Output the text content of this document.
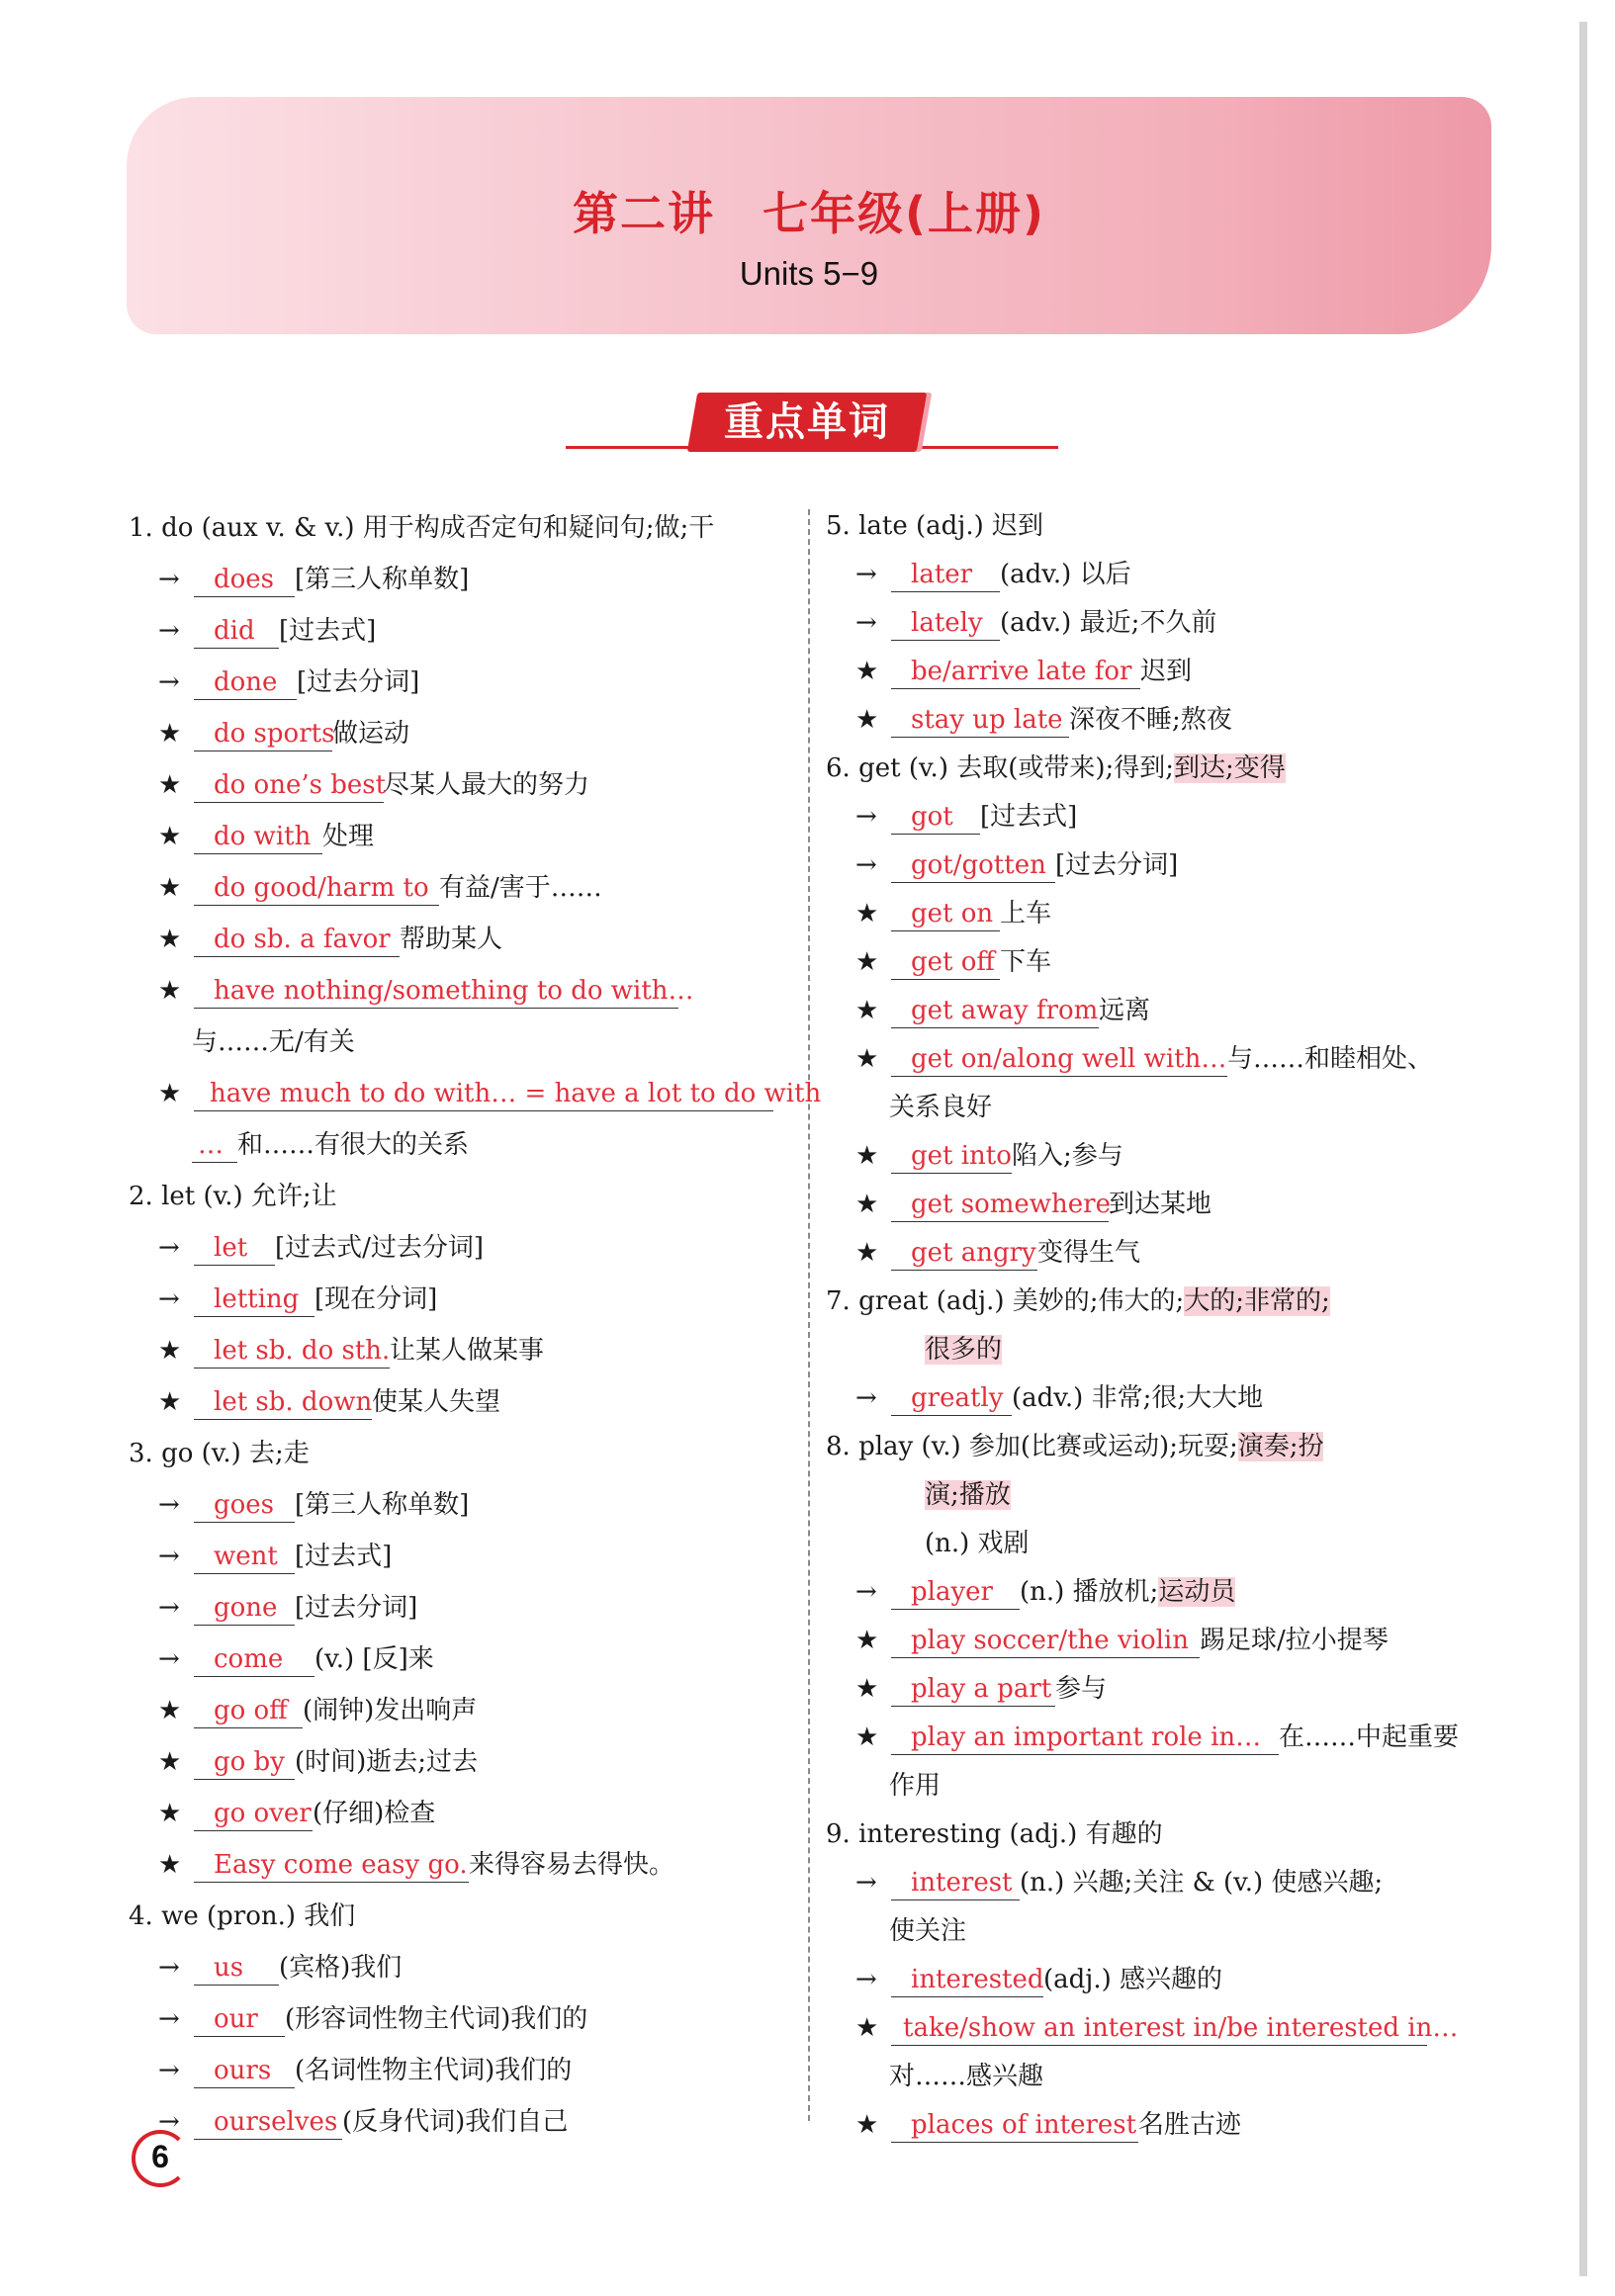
第二讲　七年级(上册)
Units 5−9
重点单词
1. do (aux v. & v.) 用于构成否定句和疑问句;做;干
→ does [第三人称单数]
→ did [过去式]
→ done [过去分词]
★ do sports做运动
★ do one’s best尽某人最大的努力
★ do with 处理
★ do good/harm to 有益/害于……
★ do sb. a favor 帮助某人
★ have nothing/something to do with…
与……无/有关
★ have much to do with… = have a lot to do with
… 和……有很大的关系
2. let (v.) 允许;让
→ let [过去式/过去分词]
→ letting [现在分词]
★ let sb. do sth.让某人做某事
★ let sb. down使某人失望
3. go (v.) 去;走
→ goes [第三人称单数]
→ went [过去式]
→ gone [过去分词]
→ come (v.) [反]来
★ go off (闹钟)发出响声
★ go by (时间)逝去;过去
★ go over(仔细)检查
★ Easy come easy go.来得容易去得快。
4. we (pron.) 我们
→ us (宾格)我们
→ our (形容词性物主代词)我们的
→ ours (名词性物主代词)我们的
→ ourselves (反身代词)我们自己
5. late (adj.) 迟到
→ later (adv.) 以后
→ lately (adv.) 最近;不久前
★ be/arrive late for 迟到
★ stay up late 深夜不睡;熬夜
6. get (v.) 去取(或带来);得到;到达;变得
→ got [过去式]
→ got/gotten [过去分词]
★ get on 上车
★ get off 下车
★ get away from远离
★ get on/along well with…与……和睦相处、
关系良好
★ get into陷入;参与
★ get somewhere到达某地
★ get angry变得生气
7. great (adj.) 美妙的;伟大的;大的;非常的;
很多的
→ greatly (adv.) 非常;很;大大地
8. play (v.) 参加(比赛或运动);玩耍;演奏;扮
演;播放
(n.) 戏剧
→ player (n.) 播放机;运动员
★ play soccer/the violin 踢足球/拉小提琴
★ play a part 参与
★ play an important role in… 在……中起重要
作用
9. interesting (adj.) 有趣的
→ interest (n.) 兴趣;关注 & (v.) 使感兴趣;
使关注
→ interested(adj.) 感兴趣的
★ take/show an interest in/be interested in…
对……感兴趣
★ places of interest名胜古迹
6
